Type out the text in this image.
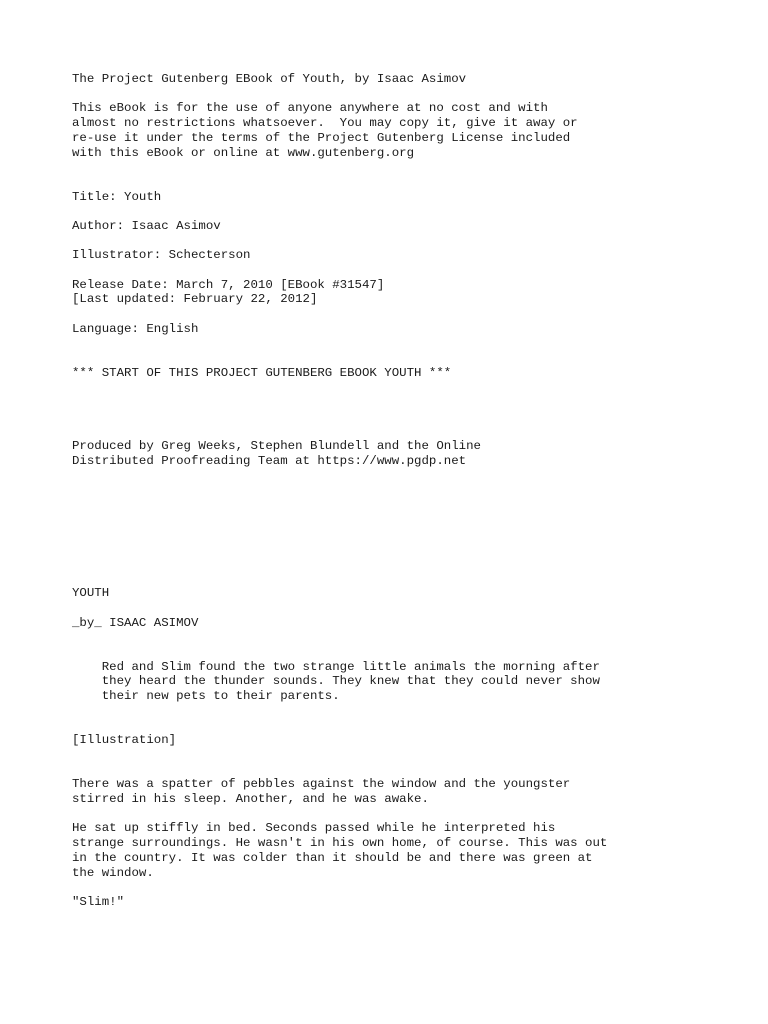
The Project Gutenberg EBook of Youth, by Isaac Asimov
This eBook is for the use of anyone anywhere at no cost and with
almost no restrictions whatsoever.  You may copy it, give it away or
re-use it under the terms of the Project Gutenberg License included
with this eBook or online at www.gutenberg.org
Title: Youth
Author: Isaac Asimov
Illustrator: Schecterson
Release Date: March 7, 2010 [EBook #31547]
[Last updated: February 22, 2012]
Language: English
*** START OF THIS PROJECT GUTENBERG EBOOK YOUTH ***
Produced by Greg Weeks, Stephen Blundell and the Online
Distributed Proofreading Team at https://www.pgdp.net
YOUTH
_by_ ISAAC ASIMOV
Red and Slim found the two strange little animals the morning after
they heard the thunder sounds. They knew that they could never show
their new pets to their parents.
[Illustration]
There was a spatter of pebbles against the window and the youngster
stirred in his sleep. Another, and he was awake.
He sat up stiffly in bed. Seconds passed while he interpreted his
strange surroundings. He wasn't in his own home, of course. This was out
in the country. It was colder than it should be and there was green at
the window.
"Slim!"
